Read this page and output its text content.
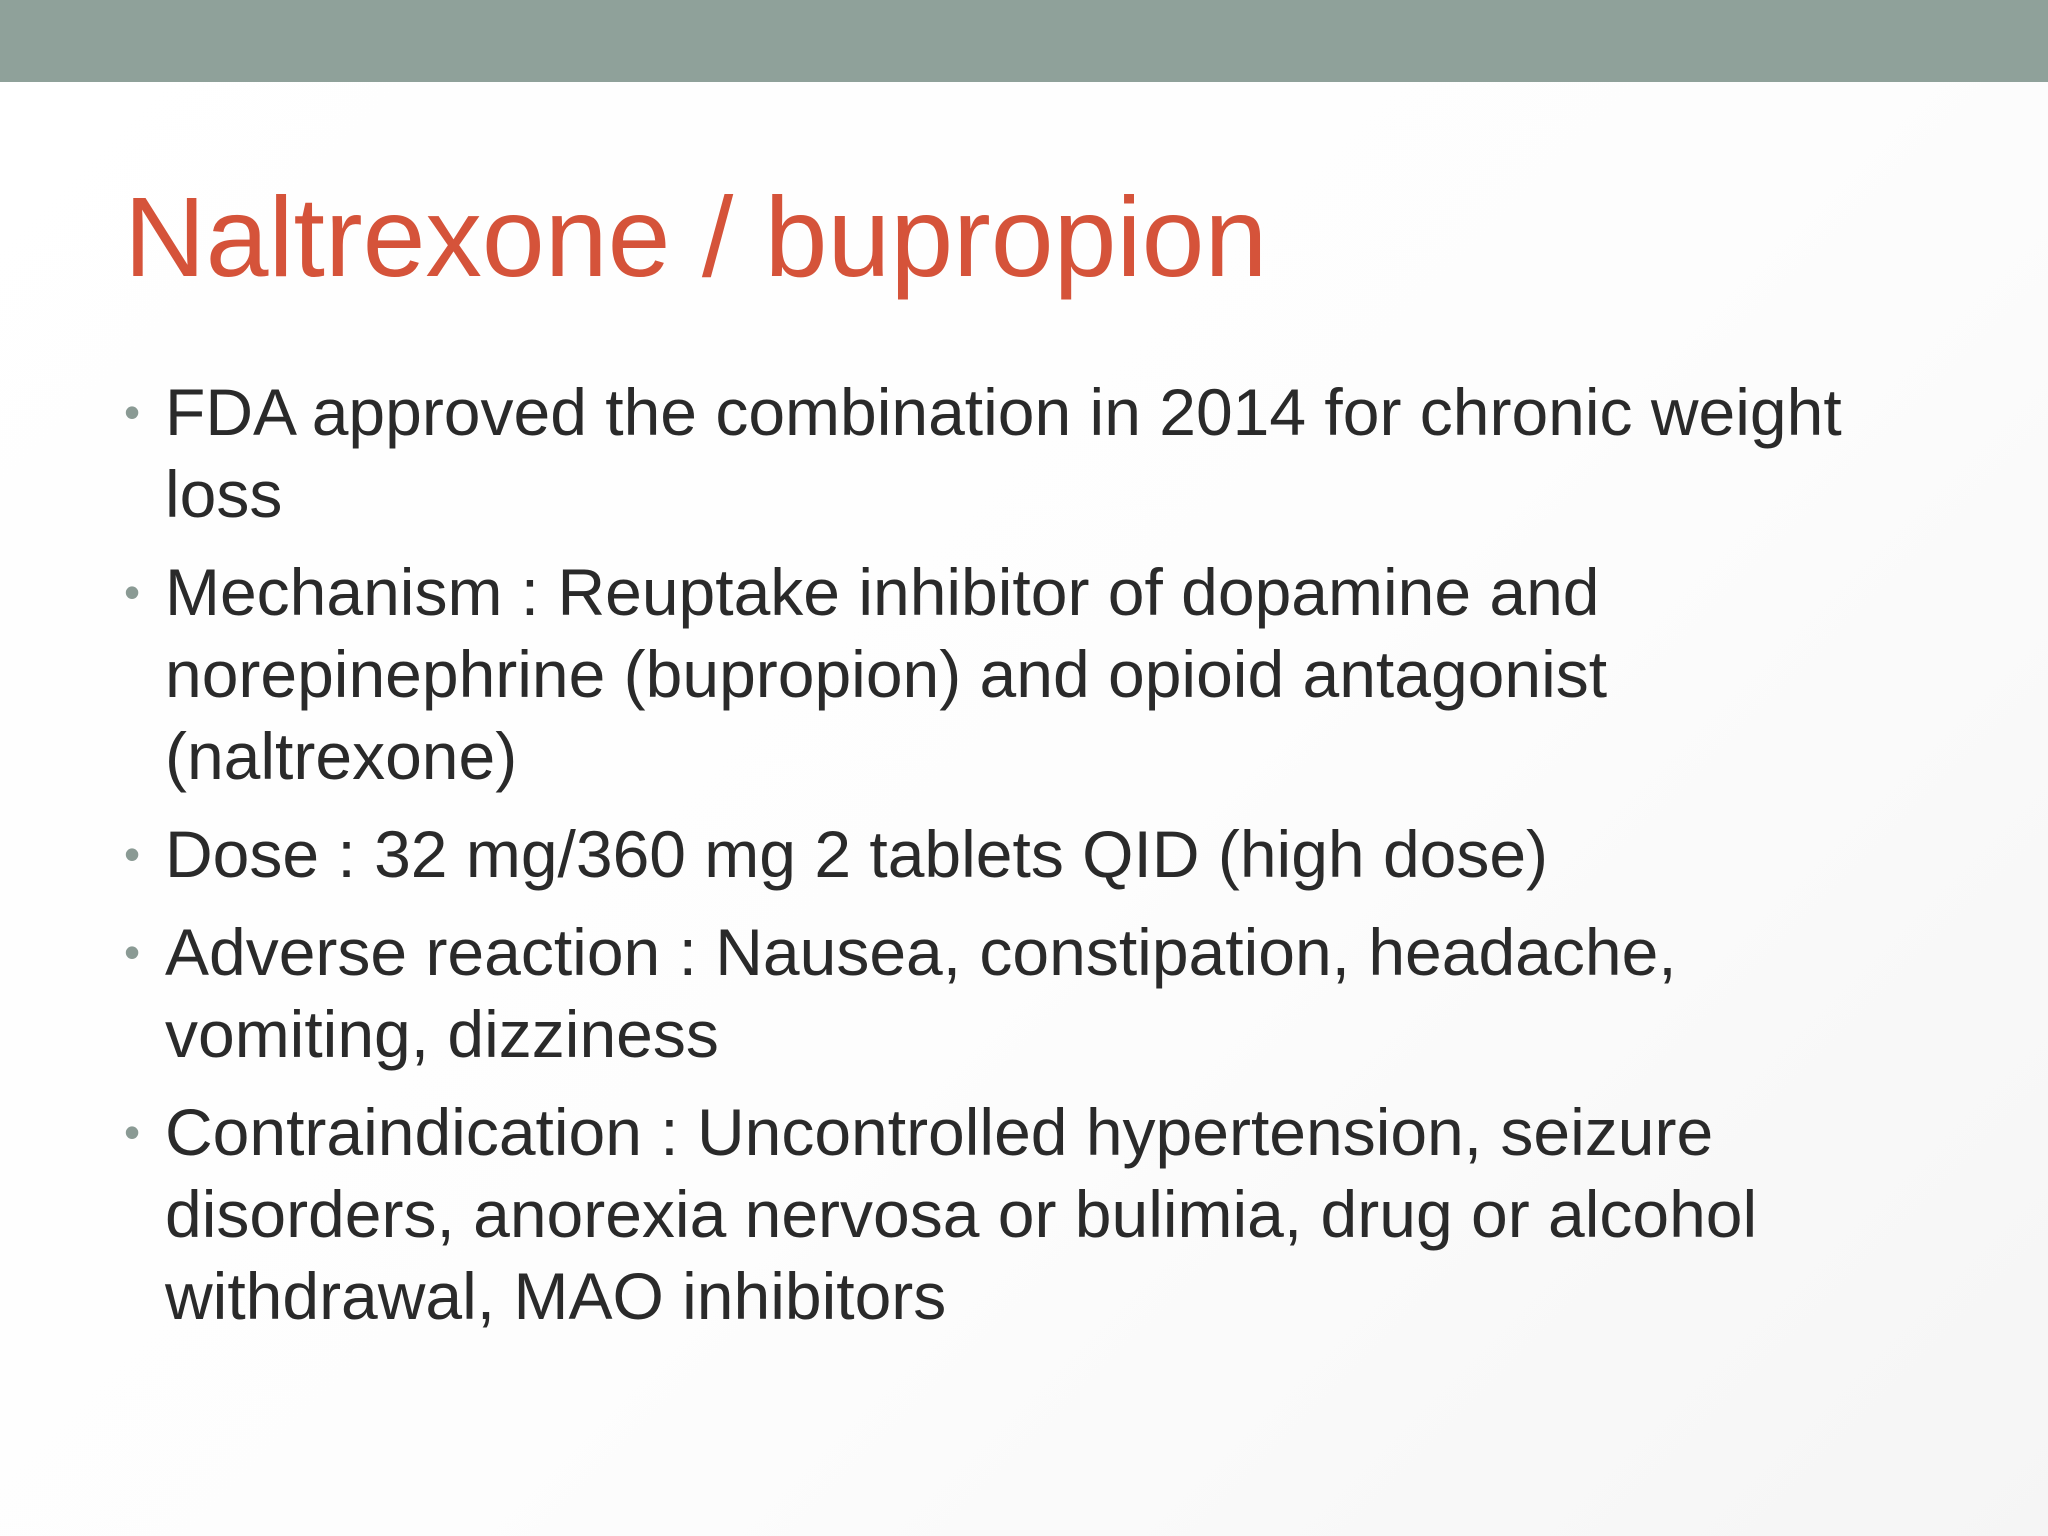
Naltrexone / bupropion
• FDA approved the combination in 2014 for chronic weight loss
• Mechanism : Reuptake inhibitor of dopamine and norepinephrine (bupropion) and opioid antagonist (naltrexone)
• Dose : 32 mg/360 mg 2 tablets QID (high dose)
• Adverse reaction : Nausea, constipation, headache, vomiting, dizziness
• Contraindication : Uncontrolled hypertension, seizure disorders, anorexia nervosa or bulimia, drug or alcohol withdrawal, MAO inhibitors
